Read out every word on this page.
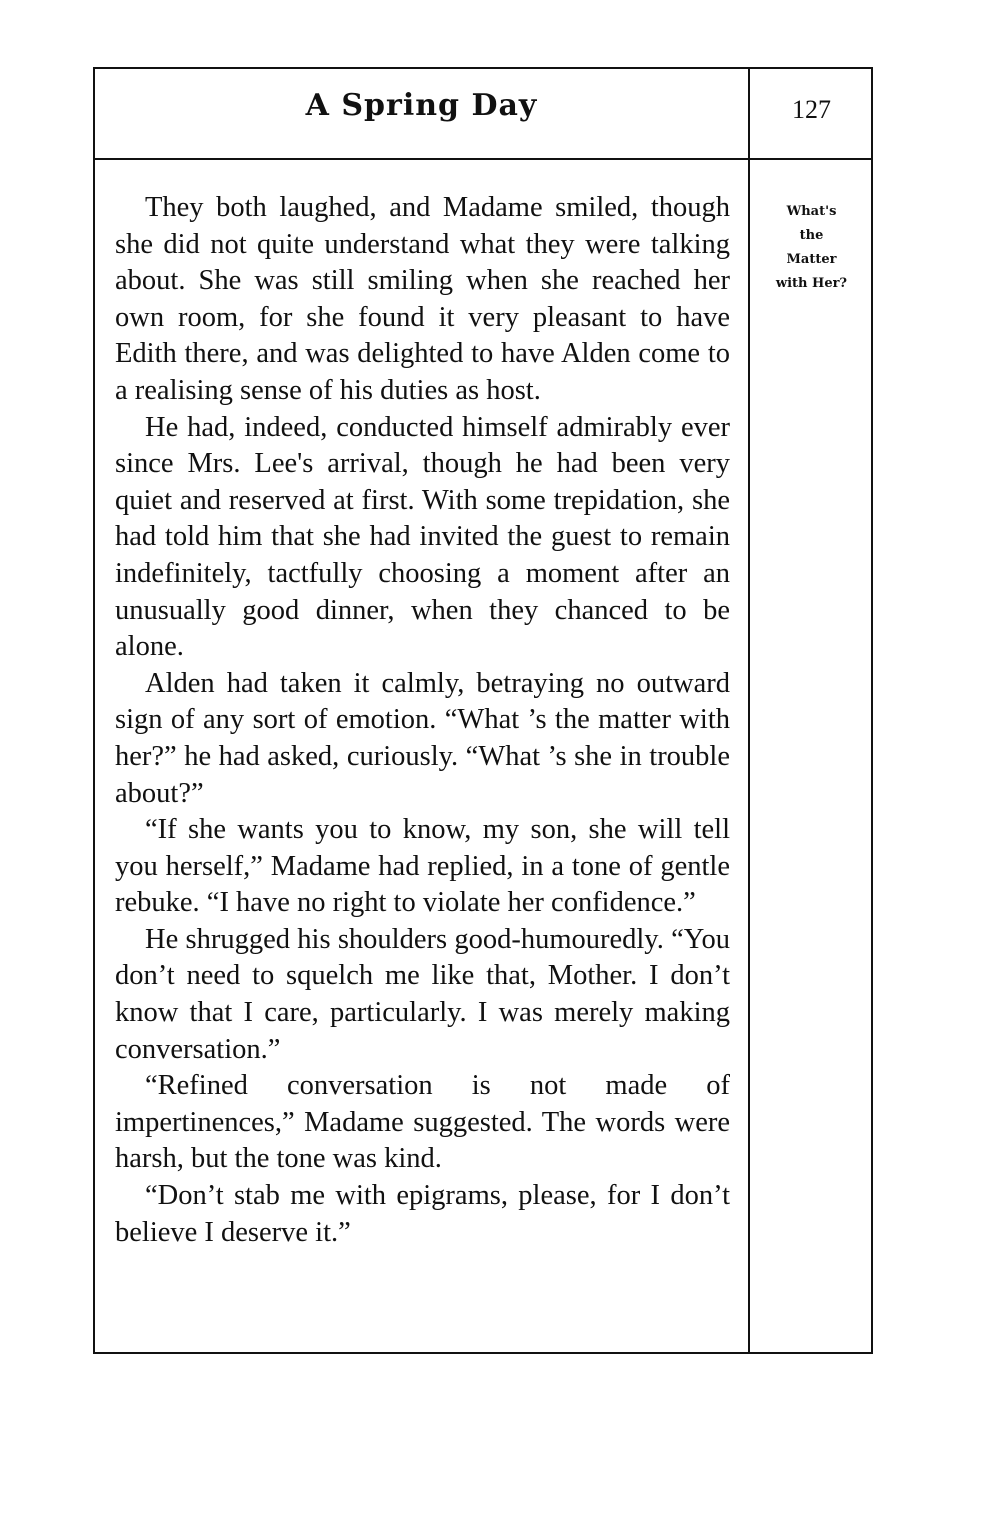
A Spring Day	127
What's
the
Matter
with Her?

They both laughed, and Madame smiled, though she did not quite understand what they were talking about. She was still smiling when she reached her own room, for she found it very pleasant to have Edith there, and was delighted to have Alden come to a realising sense of his duties as host.

He had, indeed, conducted himself admirably ever since Mrs. Lee's arrival, though he had been very quiet and reserved at first. With some trepidation, she had told him that she had invited the guest to remain indefinitely, tactfully choosing a moment after an unusually good dinner, when they chanced to be alone.

Alden had taken it calmly, betraying no outward sign of any sort of emotion. “What ’s the matter with her?” he had asked, curiously. “What ’s she in trouble about?”

“If she wants you to know, my son, she will tell you herself,” Madame had replied, in a tone of gentle rebuke. “I have no right to violate her confidence.”

He shrugged his shoulders good-humouredly. “You don’t need to squelch me like that, Mother. I don’t know that I care, particularly. I was merely making conversation.”

“Refined conversation is not made of impertinences,” Madame suggested. The words were harsh, but the tone was kind.

“Don’t stab me with epigrams, please, for I don’t believe I deserve it.”
